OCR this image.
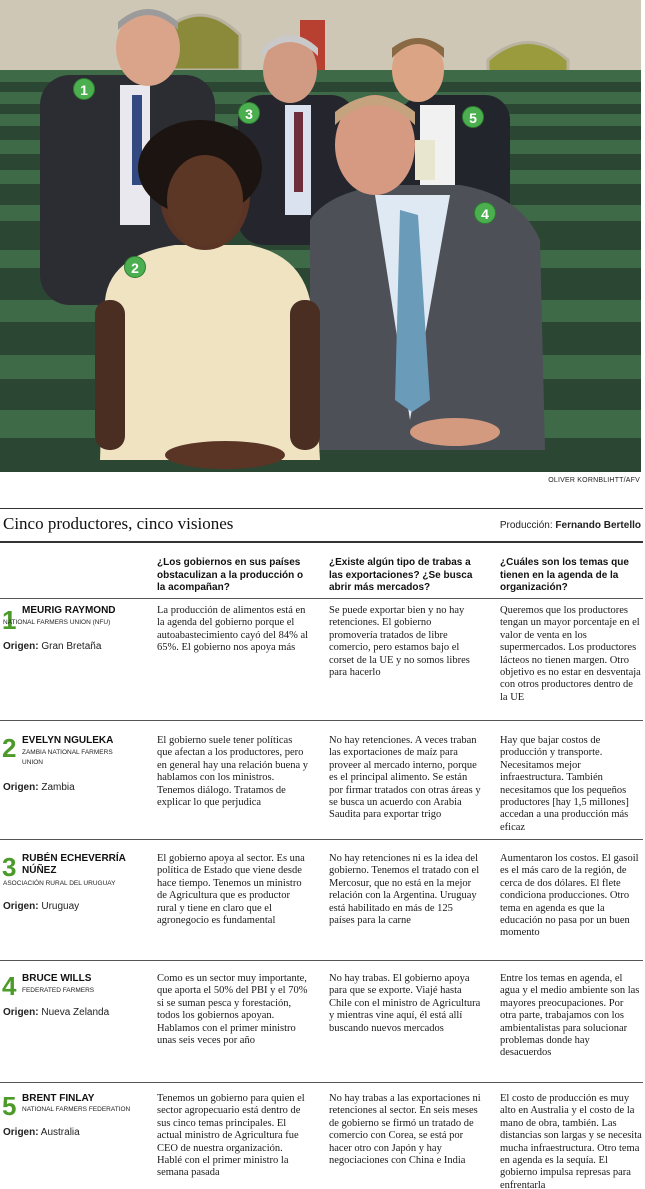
1
2
3
4
5
OLIVER KORNBLIHTT/AFV
Cinco productores, cinco visiones	Producción: Fernando Bertello
¿Los gobiernos en sus países obstaculizan a la producción o la acompañan?
¿Existe algún tipo de trabas a las exportaciones? ¿Se busca abrir más mercados?
¿Cuáles son los temas que tienen en la agenda de la organización?
1 MEURIG RAYMOND
NATIONAL FARMERS UNION (NFU)
Origen: Gran Bretaña
La producción de alimentos está en la agenda del gobierno porque el autoabastecimiento cayó del 84% al 65%. El gobierno nos apoya más
Se puede exportar bien y no hay retenciones. El gobierno promovería tratados de libre comercio, pero estamos bajo el corset de la UE y no somos libres para hacerlo
Queremos que los productores tengan un mayor porcentaje en el valor de venta en los supermercados. Los productores lácteos no tienen margen. Otro objetivo es no estar en desventaja con otros productores dentro de la UE
2 EVELYN NGULEKA
ZAMBIA NATIONAL FARMERS UNION
Origen: Zambia
El gobierno suele tener políticas que afectan a los productores, pero en general hay una relación buena y hablamos con los ministros. Tenemos diálogo. Tratamos de explicar lo que perjudica
No hay retenciones. A veces traban las exportaciones de maíz para proveer al mercado interno, porque es el principal alimento. Se están por firmar tratados con otras áreas y se busca un acuerdo con Arabia Saudita para exportar trigo
Hay que bajar costos de producción y transporte. Necesitamos mejor infraestructura. También necesitamos que los pequeños productores [hay 1,5 millones] accedan a una producción más eficaz
3 RUBÉN ECHEVERRÍA NÚÑEZ
ASOCIACIÓN RURAL DEL URUGUAY
Origen: Uruguay
El gobierno apoya al sector. Es una política de Estado que viene desde hace tiempo. Tenemos un ministro de Agricultura que es productor rural y tiene en claro que el agronegocio es fundamental
No hay retenciones ni es la idea del gobierno. Tenemos el tratado con el Mercosur, que no está en la mejor relación con la Argentina. Uruguay está habilitado en más de 125 países para la carne
Aumentaron los costos. El gasoil es el más caro de la región, de cerca de dos dólares. El flete condiciona producciones. Otro tema en agenda es que la educación no pasa por un buen momento
4 BRUCE WILLS
FEDERATED FARMERS
Origen: Nueva Zelanda
Como es un sector muy importante, que aporta el 50% del PBI y el 70% si se suman pesca y forestación, todos los gobiernos apoyan. Hablamos con el primer ministro unas seis veces por año
No hay trabas. El gobierno apoya para que se exporte. Viajé hasta Chile con el ministro de Agricultura y mientras vine aquí, él está allí buscando nuevos mercados
Entre los temas en agenda, el agua y el medio ambiente son las mayores preocupaciones. Por otra parte, trabajamos con los ambientalistas para solucionar problemas donde hay desacuerdos
5 BRENT FINLAY
NATIONAL FARMERS FEDERATION
Origen: Australia
Tenemos un gobierno para quien el sector agropecuario está dentro de sus cinco temas principales. El actual ministro de Agricultura fue CEO de nuestra organización. Hablé con el primer ministro la semana pasada
No hay trabas a las exportaciones ni retenciones al sector. En seis meses de gobierno se firmó un tratado de comercio con Corea, se está por hacer otro con Japón y hay negociaciones con China e India
El costo de producción es muy alto en Australia y el costo de la mano de obra, también. Las distancias son largas y se necesita mucha infraestructura. Otro tema en agenda es la sequía. El gobierno impulsa represas para enfrentarla
